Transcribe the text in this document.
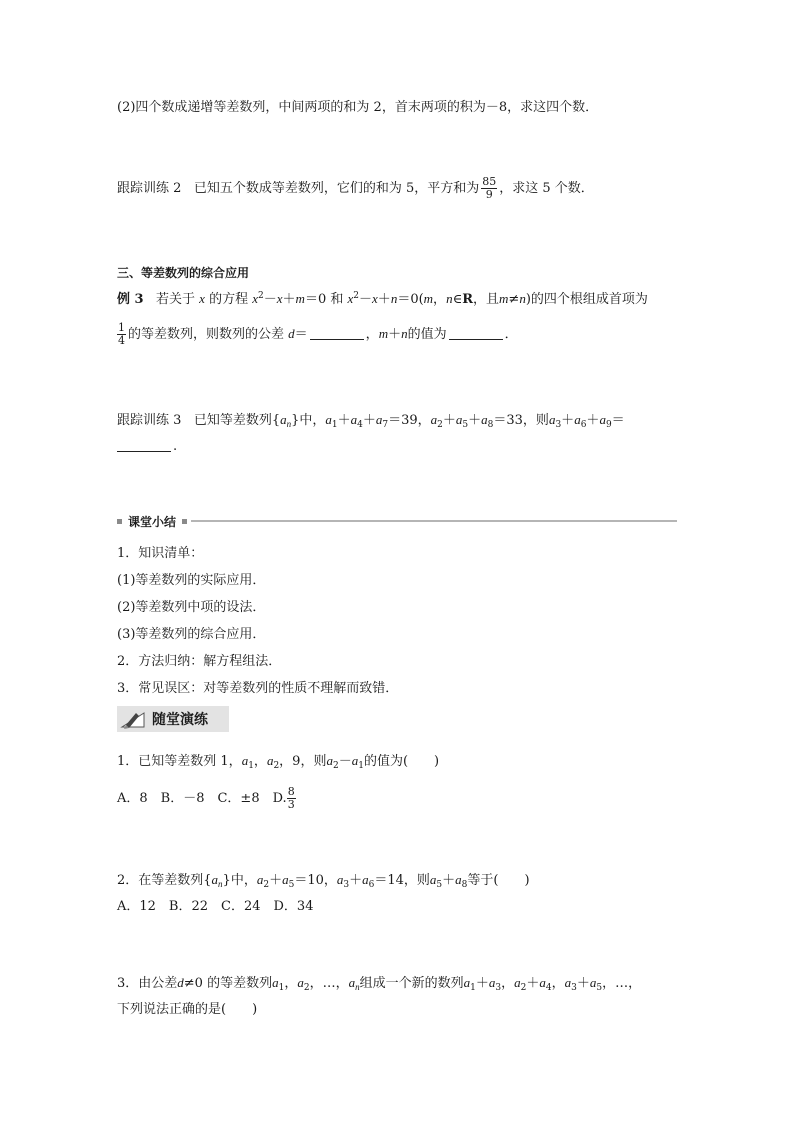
(2)四个数成递增等差数列，中间两项的和为 2，首末两项的积为－8，求这四个数．
跟踪训练 2 已知五个数成等差数列，它们的和为 5，平方和为 $\frac{85}{9}$ ，求这 5 个数．
三、等差数列的综合应用
例 3 若关于 x 的方程 $x^2-x+m=0$ 和 $x^2-x+n=0(m$，n∈R，且m≠n)的四个根组成首项为
$\frac{1}{4}$ 的等差数列，则数列的公差 d＝	，m＋n的值为	．
跟踪训练 3 已知等差数列$\{a_n\}$中，$a_1+a_4+a_7=39$，$a_2+a_5+a_8=33$，则$a_3+a_6+a_9=$
.
课堂小结
1．知识清单：
(1)等差数列的实际应用．
(2)等差数列中项的设法．
(3)等差数列的综合应用．
2．方法归纳：解方程组法．
3．常见误区：对等差数列的性质不理解而致错．
随堂演练
1．已知等差数列 1，$a_1$，$a_2$，9，则$a_2-a_1$的值为(　　)
A．8　B．－8　C．±8　D. $\frac{8}{3}$
2．在等差数列$\{a_n\}$中，$a_2+a_5=10$，$a_3+a_6=14$，则$a_5+a_8$等于(　　)
A．12　B．22　C．24　D．34
3．由公差d≠0 的等差数列$a_1$，$a_2$，…，$a_n$组成一个新的数列$a_1+a_3$，$a_2+a_4$，$a_3+a_5$，…，
下列说法正确的是(　　)
